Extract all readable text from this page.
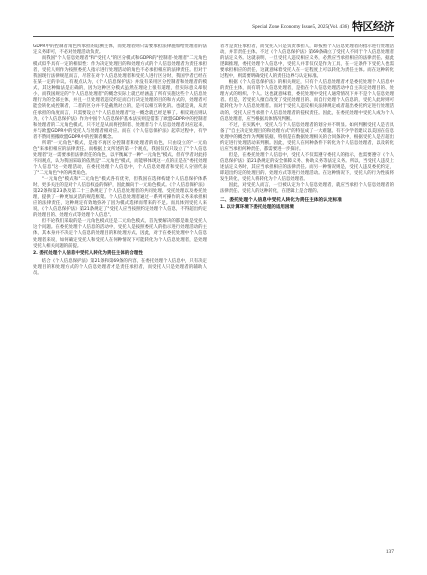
Special Zone Economy Issue5, 2025(Vol. 436) 特区经济

GDPR中的控制者角色所承担的追溯主体，而处理者则只需要承担法律施加给处理者的法定义务即可，不必对处理活动负责。

而我国"个人信息处理者"和"受托人"的区分模式和GDPR的"控制者-处理者"二元角色模式似乎具有一定的相似性：作为决定处理目的和处理方式的个人信息处理者为责任承担者，受托人则作为按照委托人指示进行处理活动的角色不必承担相应的法律责任。但对于我国现行法律规范而言，尽管在对个人信息处理者和受托人进行区分时，我国学者已经在在某一定的争议。有观点认为，《个人信息保护法》并没有采用区分控制者和处理者的模式，其这种做法是正确的，因为这种区分模式虽然在理论上很有道理，但实际意义却很小，而我国规定的"个人信息处理者"的概念实际上就已经涵盖了所有实施这些个人信息处理行为的全部主体，并且一旦处理者违反约定而自行决定处理的目的和方式的，处理者可能会转化成控制者，二者的区分并不是截然对立的，是可以相互转化的。也就是说，从责任承担的角度而言，只需要设立"个人信息处理者"这一概念就已经足够了。相反观点则认为，《个人信息保护法》作为中国个人信息保护基本法实则是借鉴了欧盟GDPR中的控制者和处理者的二元角色模式，只不过是从而将控制者、处理者与个人信息处理者对应起来，并与欧盟GDPR中的受托人与处理者相对应。而在《个人信息保护法》起草过程中，有学者不赞同照搬欧盟GDPR中的控制者概念。

所谓"一元角色"模式，是指不再区分控制者和处理者的角色，只由设立的"一元角色"来承担相应的法律责任。而根据上文所述的第一个观点，我国仅仅只设立了"个人信息处理者"这一需要承担法律责任的角色，以平衡属于一种"一元角色"模式。但有学者对此持不同观点，认为我国采取的依然是"二元角色"模式，而能够体现这一点的正是在"委托处理个人信息"这一处理活动，在委托处理个人信息中，个人信息处理者和受托人分别代表了"二元角色"中的两类角色。

"一元角色"模式和"二元角色"模式各有优劣，但我国在选择构建个人信息保护体系时，更多关注的是对个人信息权益的保护，因此倾向于一元角色模式。《个人信息保护法》第22条和第23条及第二十三条规定了个人信息处理者的共同处理、受托处理以及委托处理，提供了一种更加灵活的规范框架。个人信息处理者通过一系列可操作的义务来承担相应的法律责任，这种规定有效地弥补了因为模式选择而带来的不足。而具体到受托人来说，《个人信息保护法》第21条规定了"受托人应当按照约定处理个人信息，不得超出约定的处理目的、处理方式等处理个人信息"。

但不论我们采取的是一元角色模式还是二元角色模式，首先要解决的都是谁是受托人这个问题。在委托处理个人信息的活动中，受托人是按照委托人的指示进行处理活动的主体，其本身并不决定个人信息的处理目的和处理方式。因此，对于在委托处理中个人信息处理者来说，如何确定受托人和受托人在何种情况下可能转化为个人信息处理者，是处理受托人相关问题的前提。

2. 委托处理个人信息中受托人转化为责任主体的合理性

结合《个人信息保护法》第21条和第69条的内容，在委托处理个人信息中，只有决定处理目的和处理方式的个人信息处理者才是责任承担者，而受托人只是处理者的辅助人员。

者才是责任承担者，而受托人只是负责承担人，即按照个人信息处理者的指示进行处理活动，并非责任主体。不过《个人信息保护法》第69条确立了受托人不同于个人信息处理者的法定义务。这就表明，一旦受托人违反相应义务，必然应当承担相应的法律责任。据此逻辑推理，委托处理个人信息中，受托人并非仅仅是作为工具，在一定条件下受托人也需要承担相应的责任，这就意味着受托人在一定程度上可以转化为责任主体。而在这种转化过程中，则需要明确受托人的责任边界与认定标准。

根据《个人信息保护法》的相关规定，只有个人信息处理者才是委托处理个人信息中的责任主体，而有谓个人信息处理者，是指在个人信息处理活动中自主决定处理目的、处理方式的组织、个人。这也就意味着，委托处理中受托人通常情况下并不是个人信息处理者。但是，若受托人擅自改变了受托处理目的、而自行处理个人信息的，受托人此时则可能转化为个人信息处理者。而对于受托人违反相关法律规定或者超出委托约定进行处理活动的，受托人应当承担个人信息处理者的侵权责任。因此，在委托处理中受托人成为个人信息处理者，应当根据具体情况判断。

不过，在实践中，受托人与个人信息处理者的划分并不明显。如何判断受托人是否具备了"自主决定处理目的和处理方式"的特征成了一大难题。有不少学者建议以美国在信息处理中的概念作为判断依据，特别是在数据处理相关的合同条款中，根据受托人是否超出约定进行处理活动来判断。因此，受托人在何种条件下转化为个人信息处理者，以及转化后应当承担何种责任，都需要进一步探讨。

但是，在委托处理个人信息中，受托人不仅需遵守委托人的指示，也需要遵守《个人信息保护法》第21条规定的安全保障义务、协助义务等法定义务。所以，当受托人违反上述法定义务时，其应当承担相应的法律责任。而另一种情况则是，受托人违反委托约定，即超出约定的处理目的、处理方式等进行处理活动。在这种情况下，受托人的行为性质将发生转化，受托人将转化为个人信息处理者。

因此，对受托人而言，一旦被认定为个人信息处理者，就应当承担个人信息处理者的法律责任。受托人的这种转化，在逻辑上是合理的。

二、委托处理个人信息中受托人转化为责任主体的认定标准
1. 以计算环境下委托处理的适用困境
137
